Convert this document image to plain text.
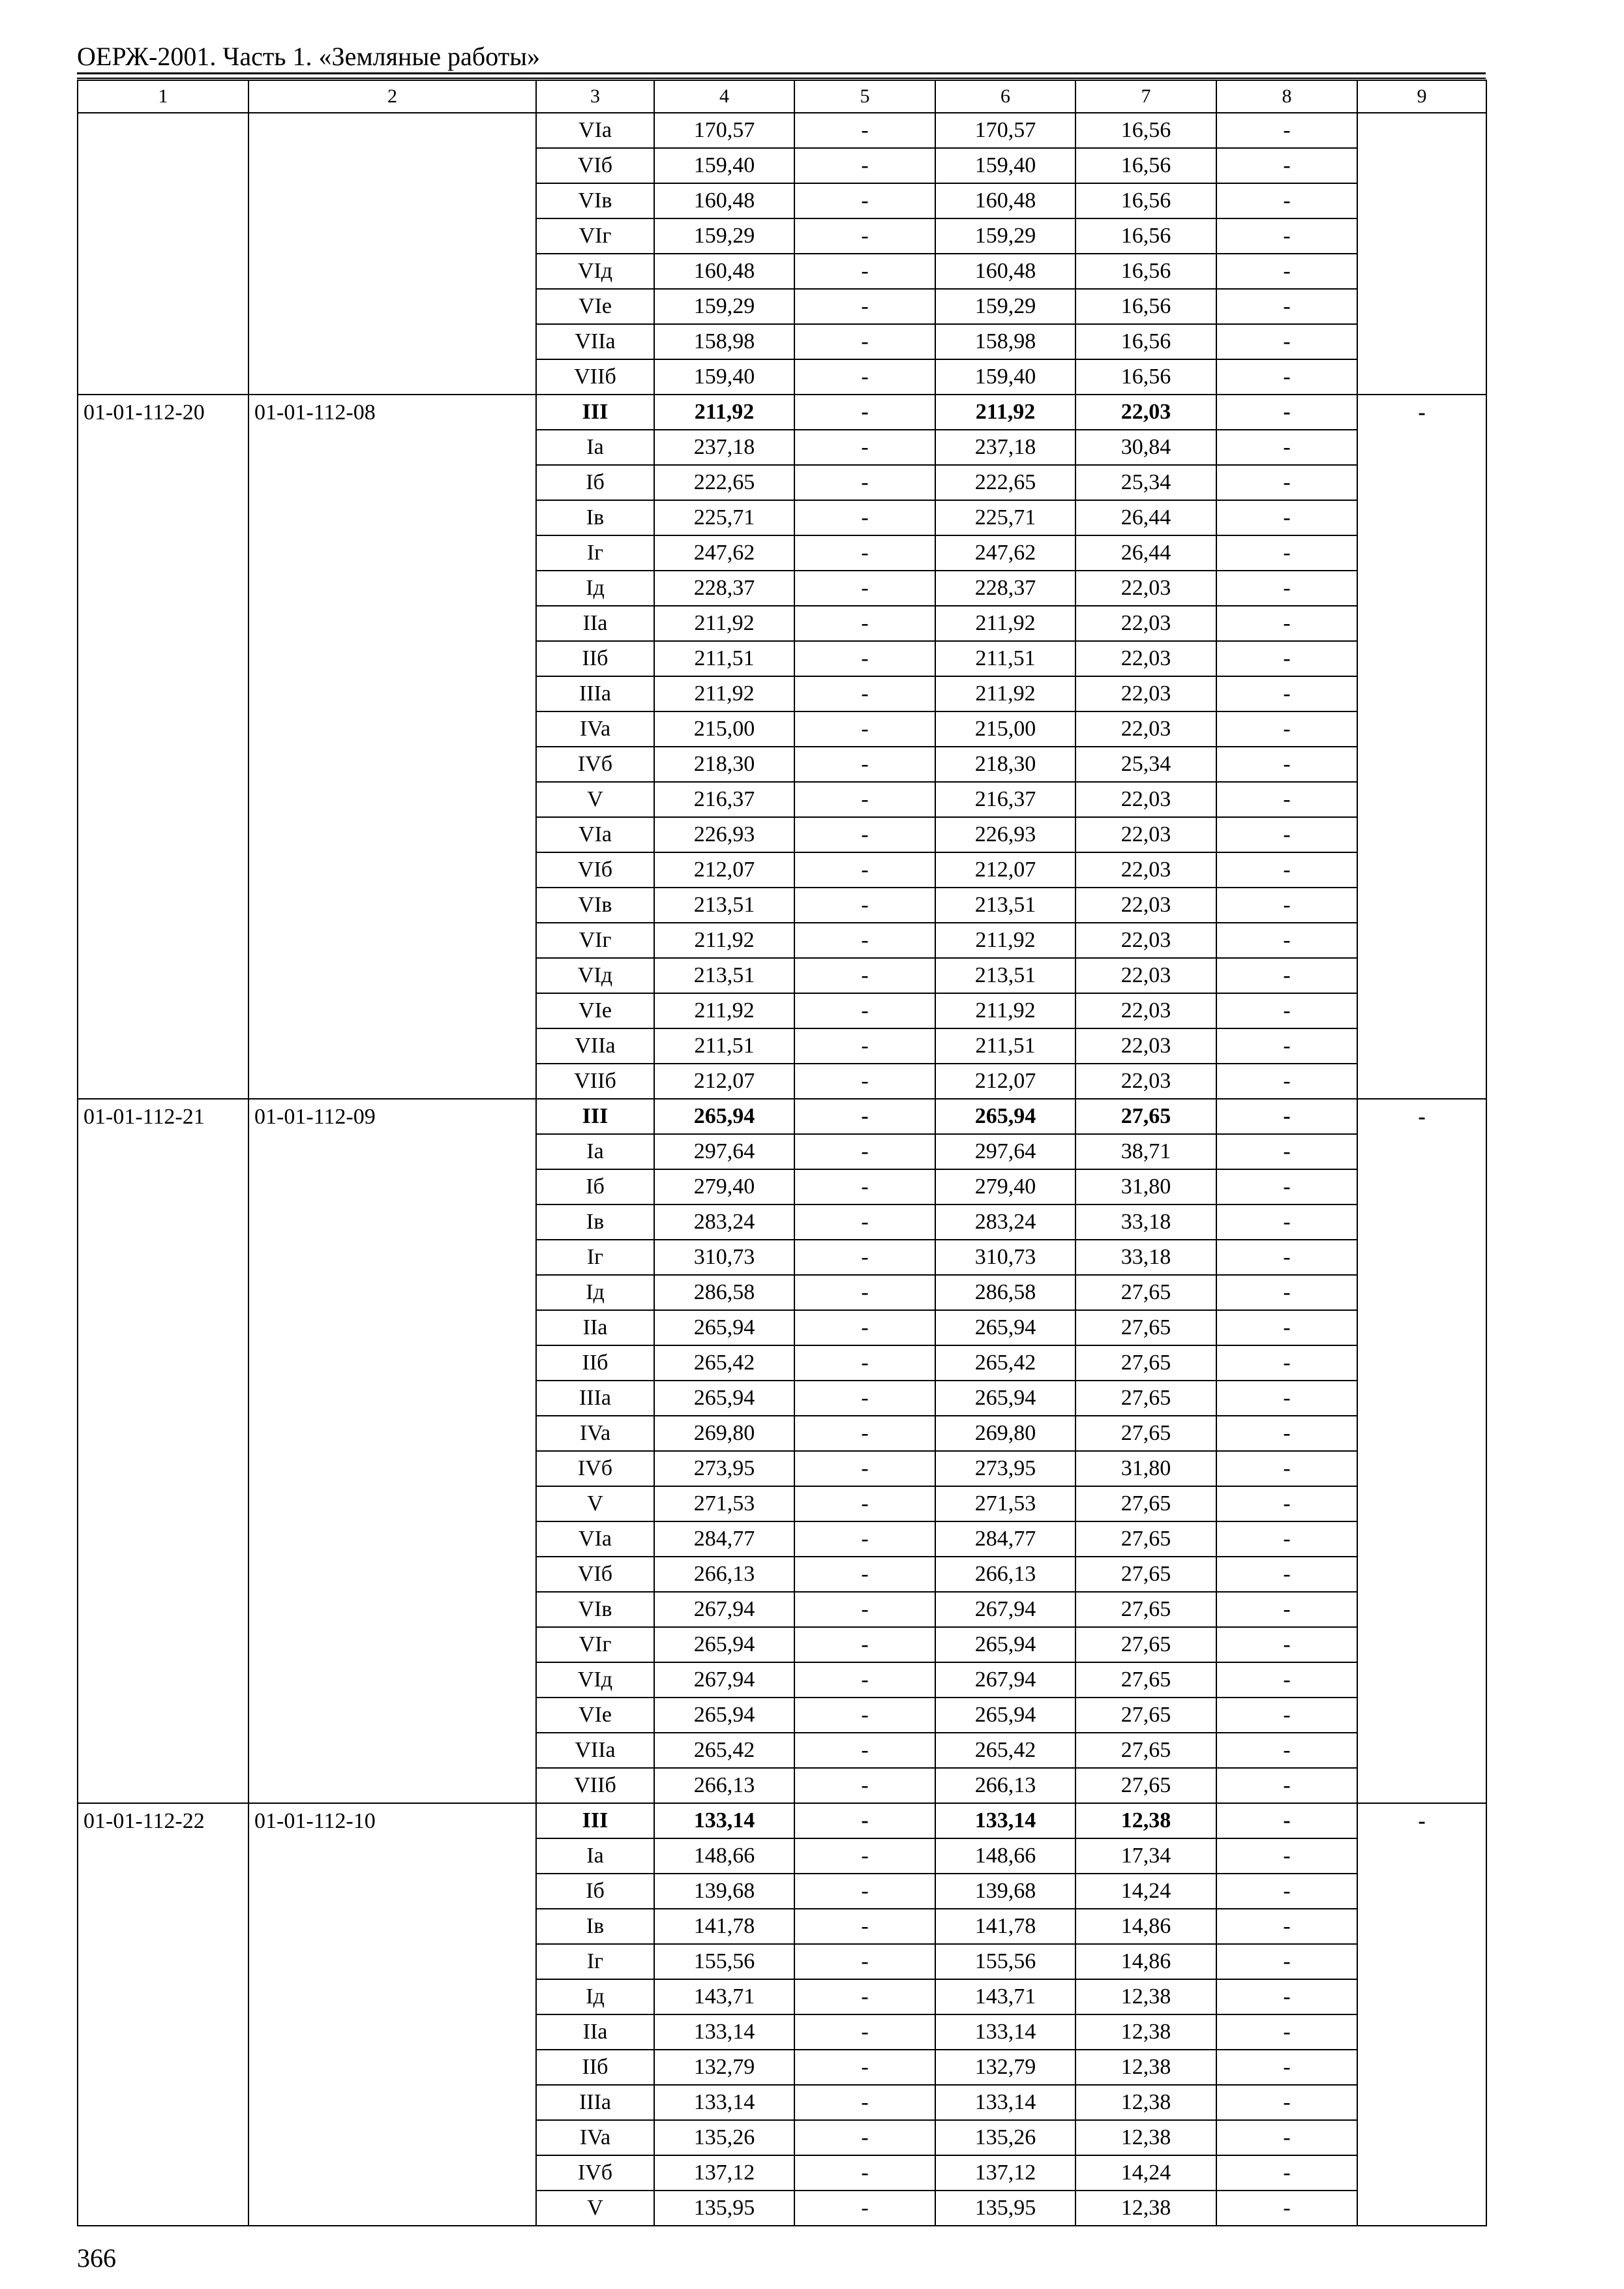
ОЕРЖ-2001. Часть 1. «Земляные работы»
1	2	3	4	5	6	7	8	9
		VIa	170,57	-	170,57	16,56	-	
		VIб	159,40	-	159,40	16,56	-	
		VIв	160,48	-	160,48	16,56	-	
		VIг	159,29	-	159,29	16,56	-	
		VIд	160,48	-	160,48	16,56	-	
		VIe	159,29	-	159,29	16,56	-	
		VIIa	158,98	-	158,98	16,56	-	
		VIIб	159,40	-	159,40	16,56	-	
01-01-112-20	01-01-112-08	III	211,92	-	211,92	22,03	-	-
		Ia	237,18	-	237,18	30,84	-	
		Iб	222,65	-	222,65	25,34	-	
		Iв	225,71	-	225,71	26,44	-	
		Iг	247,62	-	247,62	26,44	-	
		Iд	228,37	-	228,37	22,03	-	
		IIa	211,92	-	211,92	22,03	-	
		IIб	211,51	-	211,51	22,03	-	
		IIIa	211,92	-	211,92	22,03	-	
		IVa	215,00	-	215,00	22,03	-	
		IVб	218,30	-	218,30	25,34	-	
		V	216,37	-	216,37	22,03	-	
		VIa	226,93	-	226,93	22,03	-	
		VIб	212,07	-	212,07	22,03	-	
		VIв	213,51	-	213,51	22,03	-	
		VIг	211,92	-	211,92	22,03	-	
		VIд	213,51	-	213,51	22,03	-	
		VIe	211,92	-	211,92	22,03	-	
		VIIa	211,51	-	211,51	22,03	-	
		VIIб	212,07	-	212,07	22,03	-	
01-01-112-21	01-01-112-09	III	265,94	-	265,94	27,65	-	-
		Ia	297,64	-	297,64	38,71	-	
		Iб	279,40	-	279,40	31,80	-	
		Iв	283,24	-	283,24	33,18	-	
		Iг	310,73	-	310,73	33,18	-	
		Iд	286,58	-	286,58	27,65	-	
		IIa	265,94	-	265,94	27,65	-	
		IIб	265,42	-	265,42	27,65	-	
		IIIa	265,94	-	265,94	27,65	-	
		IVa	269,80	-	269,80	27,65	-	
		IVб	273,95	-	273,95	31,80	-	
		V	271,53	-	271,53	27,65	-	
		VIa	284,77	-	284,77	27,65	-	
		VIб	266,13	-	266,13	27,65	-	
		VIв	267,94	-	267,94	27,65	-	
		VIг	265,94	-	265,94	27,65	-	
		VIд	267,94	-	267,94	27,65	-	
		VIe	265,94	-	265,94	27,65	-	
		VIIa	265,42	-	265,42	27,65	-	
		VIIб	266,13	-	266,13	27,65	-	
01-01-112-22	01-01-112-10	III	133,14	-	133,14	12,38	-	-
		Ia	148,66	-	148,66	17,34	-	
		Iб	139,68	-	139,68	14,24	-	
		Iв	141,78	-	141,78	14,86	-	
		Iг	155,56	-	155,56	14,86	-	
		Iд	143,71	-	143,71	12,38	-	
		IIa	133,14	-	133,14	12,38	-	
		IIб	132,79	-	132,79	12,38	-	
		IIIa	133,14	-	133,14	12,38	-	
		IVa	135,26	-	135,26	12,38	-	
		IVб	137,12	-	137,12	14,24	-	
		V	135,95	-	135,95	12,38	-	
366
